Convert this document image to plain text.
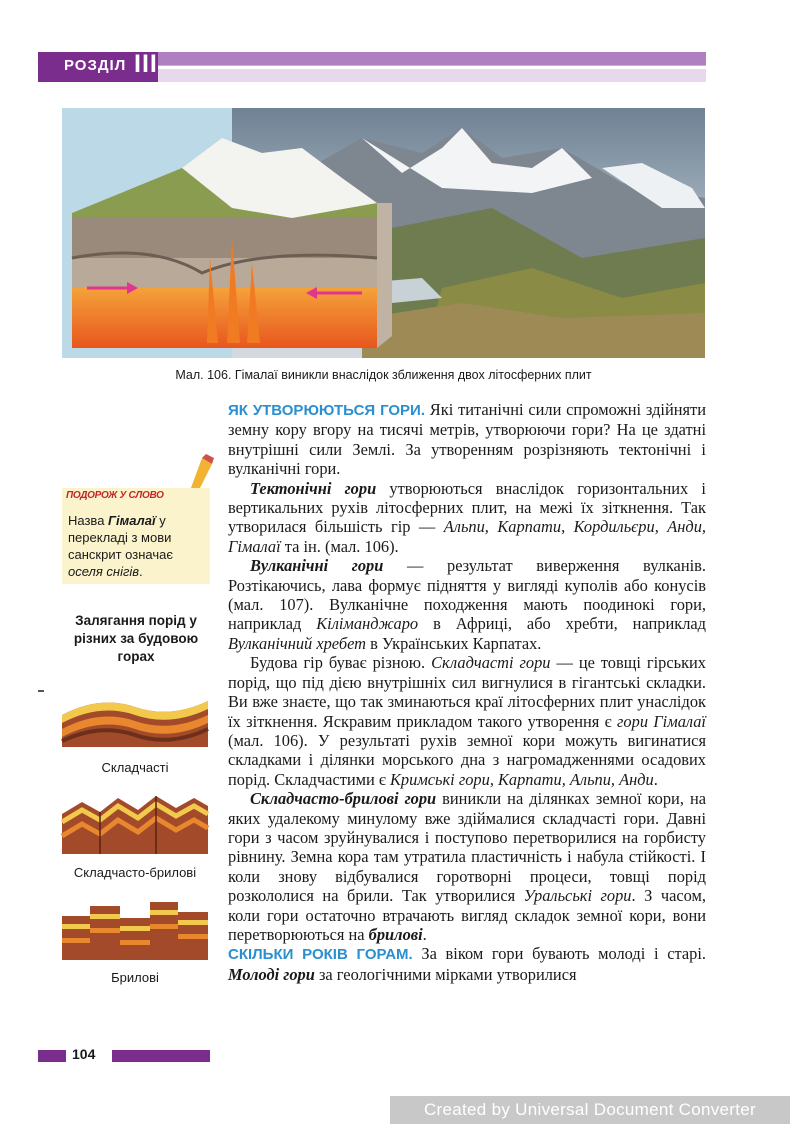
РОЗДІЛ III
Мал. 106. Гімалаї виникли внаслідок зближення двох літосферних плит
ПОДОРОЖ У СЛОВО
Назва Гімалаї у перекладі з мови санскрит означає оселя снігів.
Залягання порід у різних за будовою горах
Складчасті
Складчасто-брилові
Брилові

ЯК УТВОРЮЮТЬСЯ ГОРИ. Які титанічні сили спроможні здійняти земну кору вгору на тисячі метрів, утворюючи гори? На це здатні внутрішні сили Землі. За утворенням розрізняють тектонічні і вулканічні гори.

Тектонічні гори утворюються внаслідок горизонтальних і вертикальних рухів літосферних плит, на межі їх зіткнення. Так утворилася більшість гір — Альпи, Карпати, Кордильєри, Анди, Гімалаї та ін. (мал. 106).

Вулканічні гори — результат виверження вулканів. Розтікаючись, лава формує підняття у вигляді куполів або конусів (мал. 107). Вулканічне походження мають поодинокі гори, наприклад Кіліманджаро в Африці, або хребти, наприклад Вулканічний хребет в Українських Карпатах.

Будова гір буває різною. Складчасті гори — це товщі гірських порід, що під дією внутрішніх сил вигнулися в гігантські складки. Ви вже знаєте, що так зминаються краї літосферних плит унаслідок їх зіткнення. Яскравим прикладом такого утворення є гори Гімалаї (мал. 106). У результаті рухів земної кори можуть вигинатися складками і ділянки морського дна з нагромадженнями осадових порід. Складчастими є Кримські гори, Карпати, Альпи, Анди.

Складчасто-брилові гори виникли на ділянках земної кори, на яких удалекому минулому вже здіймалися складчасті гори. Давні гори з часом зруйнувалися і поступово перетворилися на горбисту рівнину. Земна кора там утратила пластичність і набула стійкості. І коли знову відбувалися горотворні процеси, товщі порід розкололися на брили. Так утворилися Уральські гори. З часом, коли гори остаточно втрачають вигляд складок земної кори, вони перетворюються на брилові.

СКІЛЬКИ РОКІВ ГОРАМ. За віком гори бувають молоді і старі. Молоді гори за геологічними мірками утворилися

104
Created by Universal Document Converter
